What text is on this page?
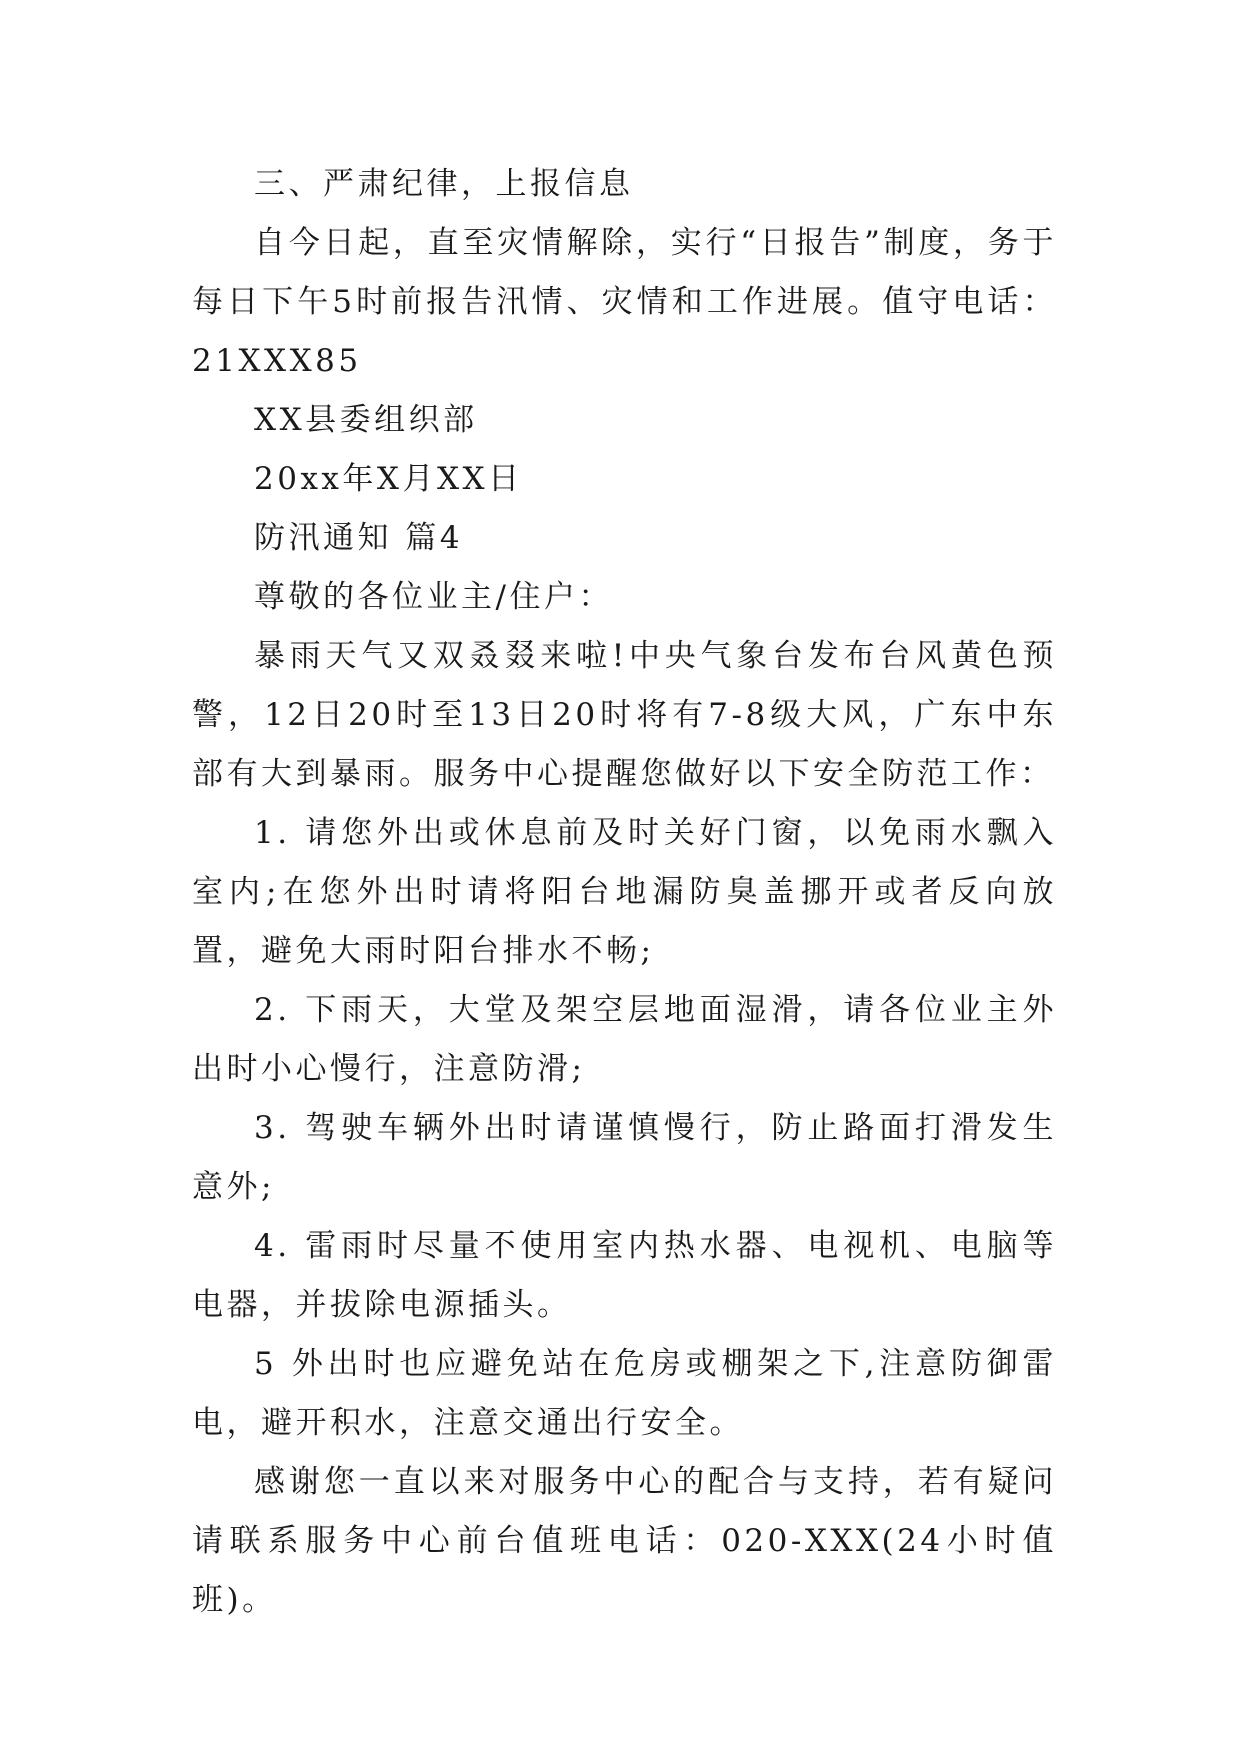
三、严肃纪律，上报信息

自今日起，直至灾情解除，实行“日报告”制度，务于每日下午5时前报告汛情、灾情和工作进展。值守电话：21XXX85

XX县委组织部

20xx年X月XX日

防汛通知 篇4

尊敬的各位业主/住户：

暴雨天气又双叒叕来啦!中央气象台发布台风黄色预警，12日20时至13日20时将有7-8级大风，广东中东部有大到暴雨。服务中心提醒您做好以下安全防范工作：

1. 请您外出或休息前及时关好门窗，以免雨水飘入室内;在您外出时请将阳台地漏防臭盖挪开或者反向放置，避免大雨时阳台排水不畅;

2. 下雨天，大堂及架空层地面湿滑，请各位业主外出时小心慢行，注意防滑;

3. 驾驶车辆外出时请谨慎慢行，防止路面打滑发生意外;

4. 雷雨时尽量不使用室内热水器、电视机、电脑等电器，并拔除电源插头。

5 外出时也应避免站在危房或棚架之下,注意防御雷电，避开积水，注意交通出行安全。

感谢您一直以来对服务中心的配合与支持，若有疑问请联系服务中心前台值班电话：020-XXX(24小时值班)。
